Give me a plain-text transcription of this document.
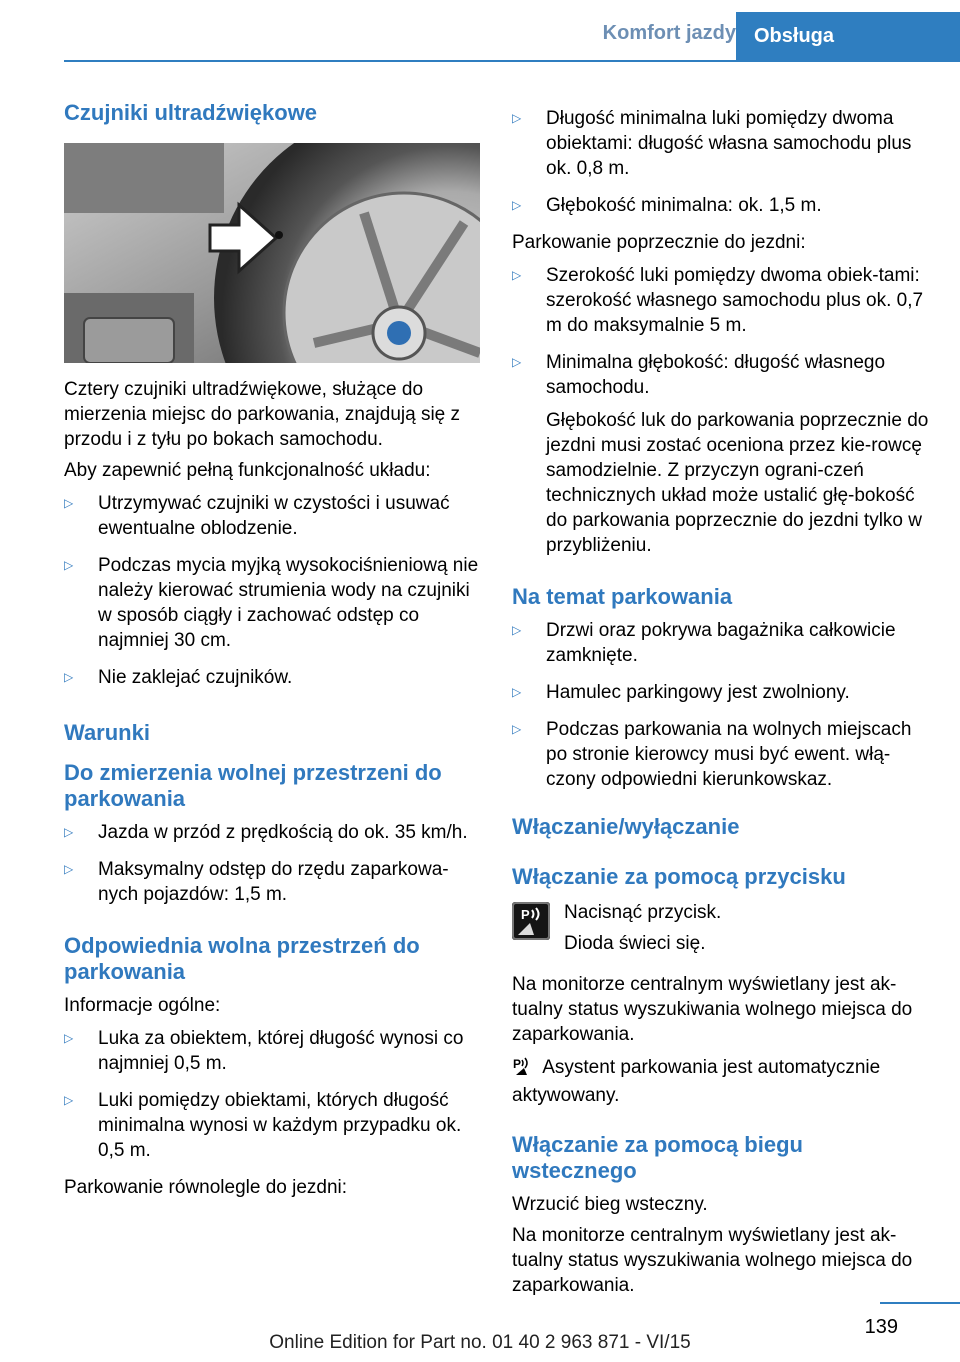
Komfort jazdy Obsługa
Czujniki ultradźwiękowe

Cztery czujniki ultradźwiękowe, służące do mierzenia miejsc do parkowania, znajdują się z przodu i z tyłu po bokach samochodu.

Aby zapewnić pełną funkcjonalność układu:

▷ Utrzymywać czujniki w czystości i usuwać ewentualne oblodzenie.
▷ Podczas mycia myjką wysokociśnieniową nie należy kierować strumienia wody na czujniki w sposób ciągły i zachować odstęp co najmniej 30 cm.
▷ Nie zaklejać czujników.
Warunki
Do zmierzenia wolnej przestrzeni do parkowania
▷ Jazda w przód z prędkością do ok. 35 km/h.
▷ Maksymalny odstęp do rzędu zaparkowa‐nych pojazdów: 1,5 m.
Odpowiednia wolna przestrzeń do parkowania

Informacje ogólne:

▷ Luka za obiektem, której długość wynosi co najmniej 0,5 m.
▷ Luki pomiędzy obiektami, których długość minimalna wynosi w każdym przypadku ok. 0,5 m.

Parkowanie równolegle do jezdni:

▷ Długość minimalna luki pomiędzy dwoma obiektami: długość własna samochodu plus ok. 0,8 m.
▷ Głębokość minimalna: ok. 1,5 m.

Parkowanie poprzecznie do jezdni:

▷ Szerokość luki pomiędzy dwoma obiek‐tami: szerokość własnego samochodu plus ok. 0,7 m do maksymalnie 5 m.
▷ Minimalna głębokość: długość własnego samochodu.

Głębokość luk do parkowania poprzecznie do jezdni musi zostać oceniona przez kie‐rowcę samodzielnie. Z przyczyn ograni‐czeń technicznych układ może ustalić głę‐bokość do parkowania poprzecznie do jezdni tylko w przybliżeniu.

Na temat parkowania
▷ Drzwi oraz pokrywa bagażnika całkowicie zamknięte.
▷ Hamulec parkingowy jest zwolniony.
▷ Podczas parkowania na wolnych miejscach po stronie kierowcy musi być ewent. włą‐czony odpowiedni kierunkowskaz.
Włączanie/wyłączanie
Włączanie za pomocą przycisku
P Nacisnąć przycisk.

Dioda świeci się.

Na monitorze centralnym wyświetlany jest ak‐tualny status wyszukiwania wolnego miejsca do zaparkowania.

P Asystent parkowania jest automatycznie aktywowany.

Włączanie za pomocą biegu wstecznego

Wrzucić bieg wsteczny.

Na monitorze centralnym wyświetlany jest ak‐tualny status wyszukiwania wolnego miejsca do zaparkowania.

139
Online Edition for Part no. 01 40 2 963 871 - VI/15
